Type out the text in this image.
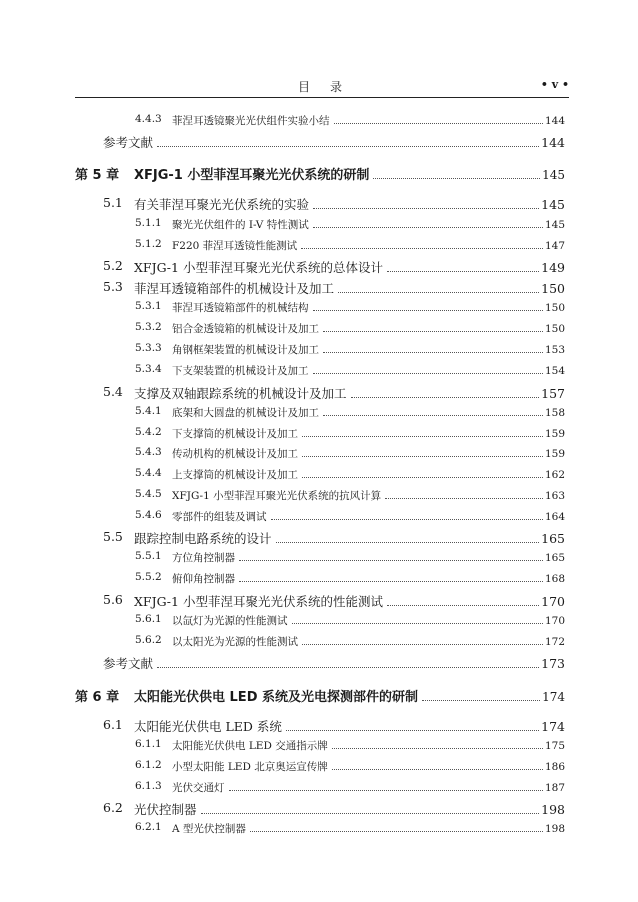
目　录	• v •
4.4.3 菲涅耳透镜聚光光伏组件实验小结	144
参考文献	144
第 5 章 XFJG-1 小型菲涅耳聚光光伏系统的研制	145
5.1 有关菲涅耳聚光光伏系统的实验	145
5.1.1 聚光光伏组件的 I-V 特性测试	145
5.1.2 F220 菲涅耳透镜性能测试	147
5.2 XFJG-1 小型菲涅耳聚光光伏系统的总体设计	149
5.3 菲涅耳透镜箱部件的机械设计及加工	150
5.3.1 菲涅耳透镜箱部件的机械结构	150
5.3.2 铝合金透镜箱的机械设计及加工	150
5.3.3 角钢框架装置的机械设计及加工	153
5.3.4 下支架装置的机械设计及加工	154
5.4 支撑及双轴跟踪系统的机械设计及加工	157
5.4.1 底架和大圆盘的机械设计及加工	158
5.4.2 下支撑筒的机械设计及加工	159
5.4.3 传动机构的机械设计及加工	159
5.4.4 上支撑筒的机械设计及加工	162
5.4.5 XFJG-1 小型菲涅耳聚光光伏系统的抗风计算	163
5.4.6 零部件的组装及调试	164
5.5 跟踪控制电路系统的设计	165
5.5.1 方位角控制器	165
5.5.2 俯仰角控制器	168
5.6 XFJG-1 小型菲涅耳聚光光伏系统的性能测试	170
5.6.1 以氙灯为光源的性能测试	170
5.6.2 以太阳光为光源的性能测试	172
参考文献	173
第 6 章 太阳能光伏供电 LED 系统及光电探测部件的研制	174
6.1 太阳能光伏供电 LED 系统	174
6.1.1 太阳能光伏供电 LED 交通指示牌	175
6.1.2 小型太阳能 LED 北京奥运宣传牌	186
6.1.3 光伏交通灯	187
6.2 光伏控制器	198
6.2.1 A 型光伏控制器	198
